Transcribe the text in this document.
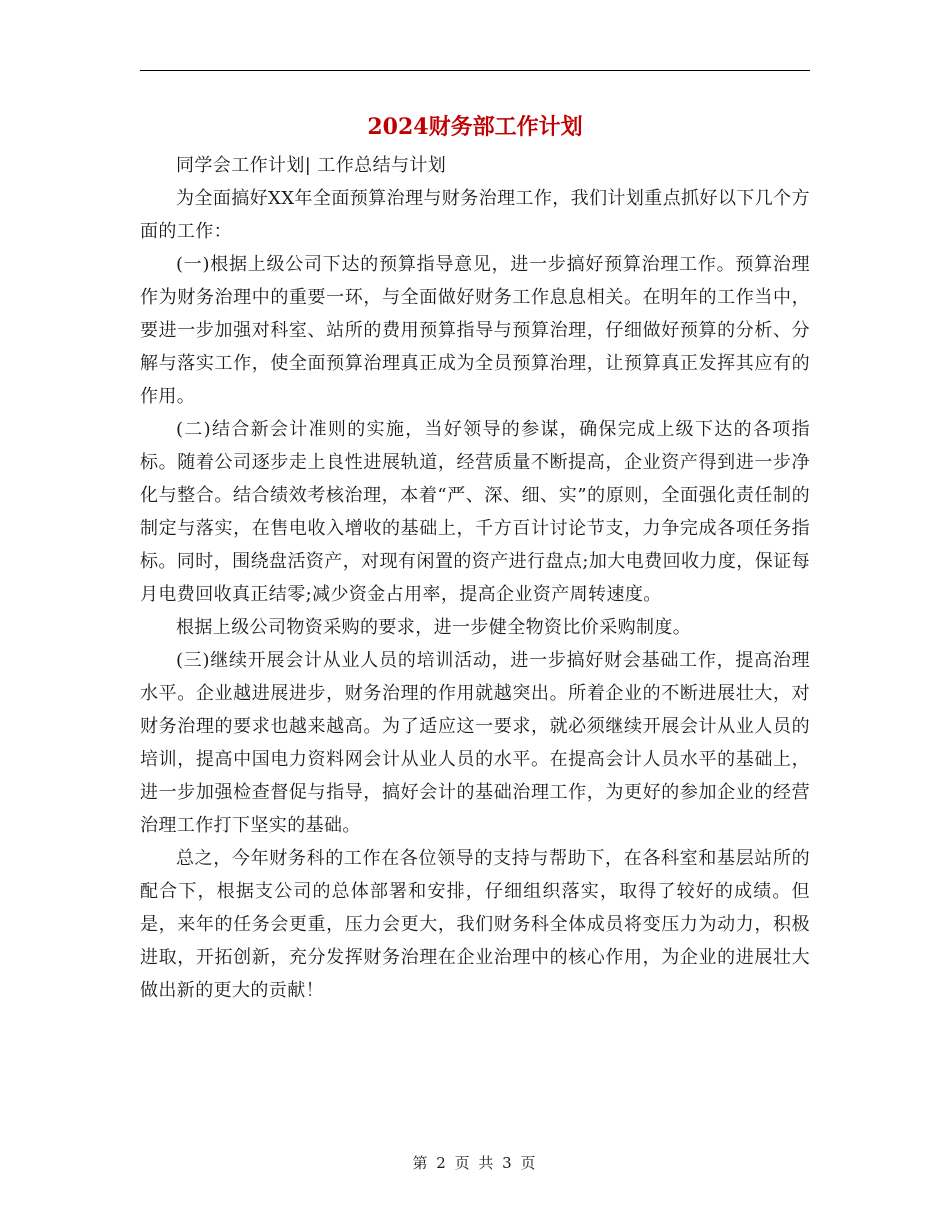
2024财务部工作计划

同学会工作计划| 工作总结与计划

为全面搞好XX年全面预算治理与财务治理工作，我们计划重点抓好以下几个方面的工作：

(一)根据上级公司下达的预算指导意见，进一步搞好预算治理工作。预算治理作为财务治理中的重要一环，与全面做好财务工作息息相关。在明年的工作当中，要进一步加强对科室、站所的费用预算指导与预算治理，仔细做好预算的分析、分解与落实工作，使全面预算治理真正成为全员预算治理，让预算真正发挥其应有的作用。

(二)结合新会计准则的实施，当好领导的参谋，确保完成上级下达的各项指标。随着公司逐步走上良性进展轨道，经营质量不断提高，企业资产得到进一步净化与整合。结合绩效考核治理，本着“严、深、细、实”的原则，全面强化责任制的制定与落实，在售电收入增收的基础上，千方百计讨论节支，力争完成各项任务指标。同时，围绕盘活资产，对现有闲置的资产进行盘点;加大电费回收力度，保证每月电费回收真正结零;减少资金占用率，提高企业资产周转速度。

根据上级公司物资采购的要求，进一步健全物资比价采购制度。

(三)继续开展会计从业人员的培训活动，进一步搞好财会基础工作，提高治理水平。企业越进展进步，财务治理的作用就越突出。所着企业的不断进展壮大，对财务治理的要求也越来越高。为了适应这一要求，就必须继续开展会计从业人员的培训，提高中国电力资料网会计从业人员的水平。在提高会计人员水平的基础上，进一步加强检查督促与指导，搞好会计的基础治理工作，为更好的参加企业的经营治理工作打下坚实的基础。

总之，今年财务科的工作在各位领导的支持与帮助下，在各科室和基层站所的配合下，根据支公司的总体部署和安排，仔细组织落实，取得了较好的成绩。但是，来年的任务会更重，压力会更大，我们财务科全体成员将变压力为动力，积极进取，开拓创新，充分发挥财务治理在企业治理中的核心作用，为企业的进展壮大做出新的更大的贡献！

第 2 页 共 3 页
